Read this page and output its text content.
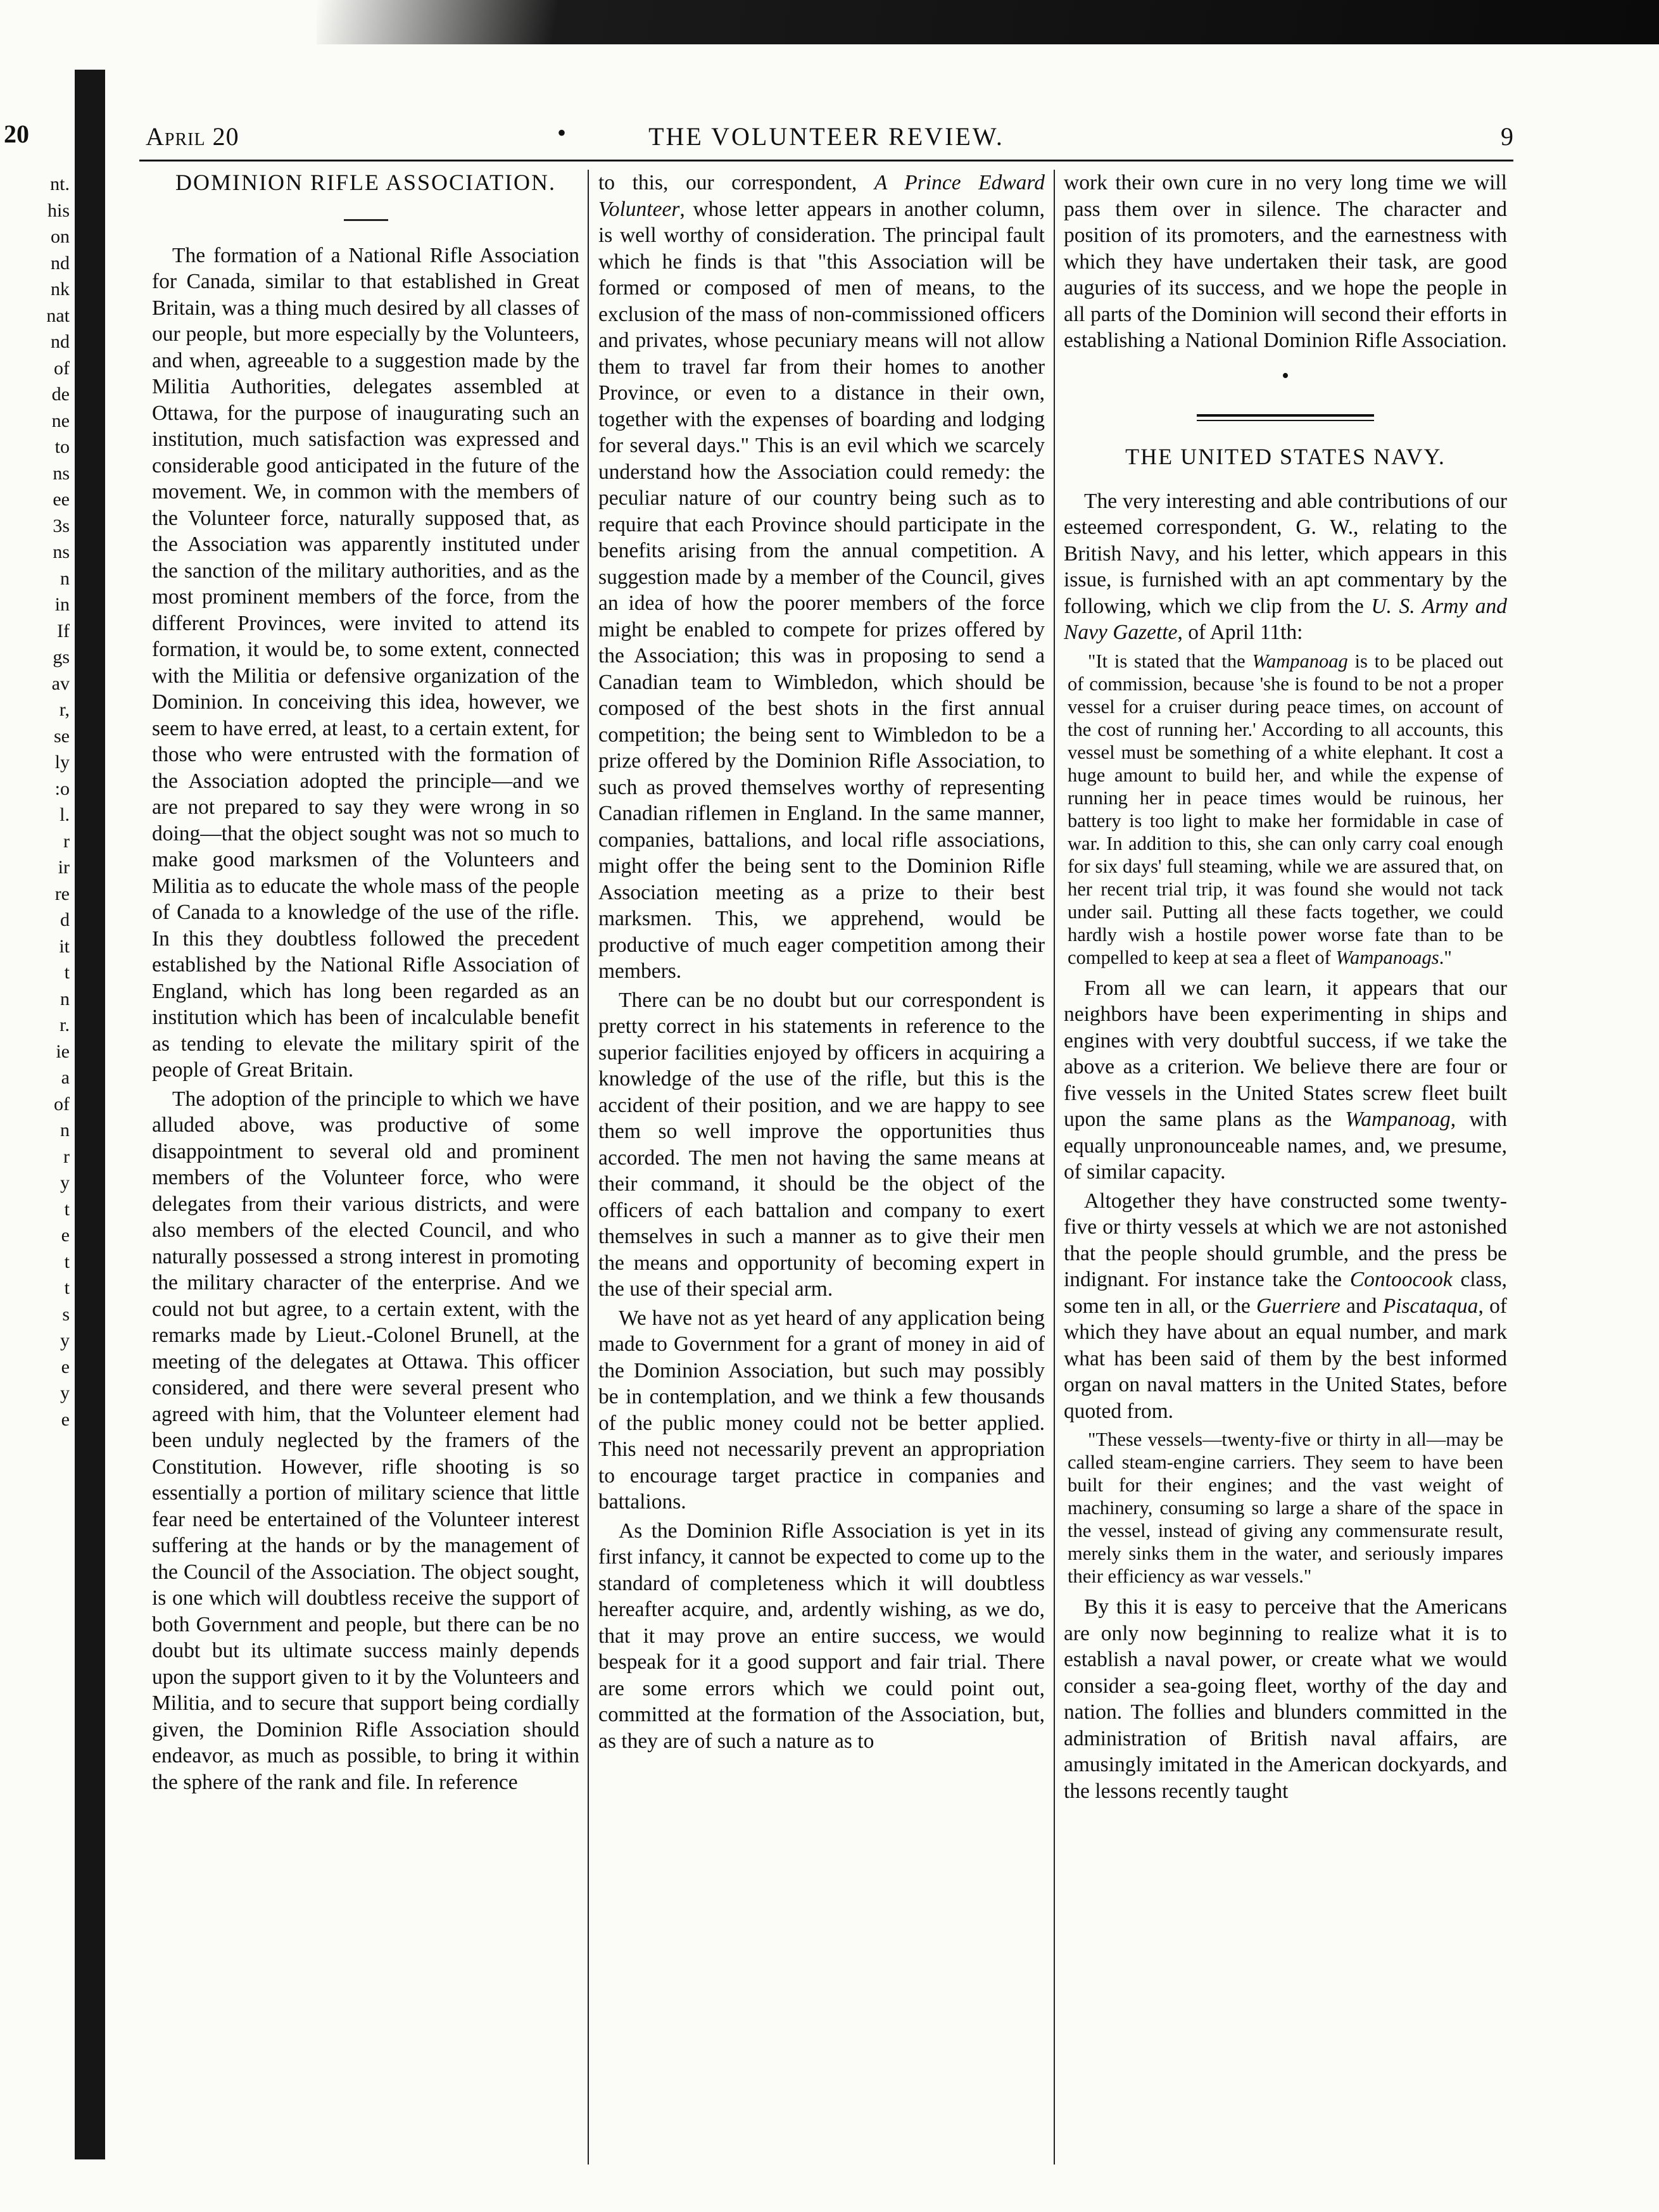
20
nt.
his
on
nd
nk
nat
nd
of
de
ne
to
ns
ee
3s
ns
n
in
If
gs
av
r,
se
ly
:o
l.
r
ir
re
d
it
t
n
r.
ie
a
of
n
r
y
t
e
t
t
s
y
e
y
e
April 20	•	THE VOLUNTEER REVIEW.	9

DOMINION RIFLE ASSOCIATION.

The formation of a National Rifle Association for Canada, similar to that established in Great Britain, was a thing much desired by all classes of our people, but more especially by the Volunteers, and when, agreeable to a suggestion made by the Militia Authorities, delegates assembled at Ottawa, for the purpose of inaugurating such an institution, much satisfaction was expressed and considerable good anticipated in the future of the movement. We, in common with the members of the Volunteer force, naturally supposed that, as the Association was apparently instituted under the sanction of the military authorities, and as the most prominent members of the force, from the different Provinces, were invited to attend its formation, it would be, to some extent, connected with the Militia or defensive organization of the Dominion. In conceiving this idea, however, we seem to have erred, at least, to a certain extent, for those who were entrusted with the formation of the Association adopted the principle—and we are not prepared to say they were wrong in so doing—that the object sought was not so much to make good marksmen of the Volunteers and Militia as to educate the whole mass of the people of Canada to a knowledge of the use of the rifle. In this they doubtless followed the precedent established by the National Rifle Association of England, which has long been regarded as an institution which has been of incalculable benefit as tending to elevate the military spirit of the people of Great Britain.

The adoption of the principle to which we have alluded above, was productive of some disappointment to several old and prominent members of the Volunteer force, who were delegates from their various districts, and were also members of the elected Council, and who naturally possessed a strong interest in promoting the military character of the enterprise. And we could not but agree, to a certain extent, with the remarks made by Lieut.-Colonel Brunell, at the meeting of the delegates at Ottawa. This officer considered, and there were several present who agreed with him, that the Volunteer element had been unduly neglected by the framers of the Constitution. However, rifle shooting is so essentially a portion of military science that little fear need be entertained of the Volunteer interest suffering at the hands or by the management of the Council of the Association. The object sought, is one which will doubtless receive the support of both Government and people, but there can be no doubt but its ultimate success mainly depends upon the support given to it by the Volunteers and Militia, and to secure that support being cordially given, the Dominion Rifle Association should endeavor, as much as possible, to bring it within the sphere of the rank and file. In reference

to this, our correspondent, A Prince Edward Volunteer, whose letter appears in another column, is well worthy of consideration. The principal fault which he finds is that "this Association will be formed or composed of men of means, to the exclusion of the mass of non-commissioned officers and privates, whose pecuniary means will not allow them to travel far from their homes to another Province, or even to a distance in their own, together with the expenses of boarding and lodging for several days." This is an evil which we scarcely understand how the Association could remedy: the peculiar nature of our country being such as to require that each Province should participate in the benefits arising from the annual competition. A suggestion made by a member of the Council, gives an idea of how the poorer members of the force might be enabled to compete for prizes offered by the Association; this was in proposing to send a Canadian team to Wimbledon, which should be composed of the best shots in the first annual competition; the being sent to Wimbledon to be a prize offered by the Dominion Rifle Association, to such as proved themselves worthy of representing Canadian riflemen in England. In the same manner, companies, battalions, and local rifle associations, might offer the being sent to the Dominion Rifle Association meeting as a prize to their best marksmen. This, we apprehend, would be productive of much eager competition among their members.

There can be no doubt but our correspondent is pretty correct in his statements in reference to the superior facilities enjoyed by officers in acquiring a knowledge of the use of the rifle, but this is the accident of their position, and we are happy to see them so well improve the opportunities thus accorded. The men not having the same means at their command, it should be the object of the officers of each battalion and company to exert themselves in such a manner as to give their men the means and opportunity of becoming expert in the use of their special arm.

We have not as yet heard of any application being made to Government for a grant of money in aid of the Dominion Association, but such may possibly be in contemplation, and we think a few thousands of the public money could not be better applied. This need not necessarily prevent an appropriation to encourage target practice in companies and battalions.

As the Dominion Rifle Association is yet in its first infancy, it cannot be expected to come up to the standard of completeness which it will doubtless hereafter acquire, and, ardently wishing, as we do, that it may prove an entire success, we would bespeak for it a good support and fair trial. There are some errors which we could point out, committed at the formation of the Association, but, as they are of such a nature as to

work their own cure in no very long time we will pass them over in silence. The character and position of its promoters, and the earnestness with which they have undertaken their task, are good auguries of its success, and we hope the people in all parts of the Dominion will second their efforts in establishing a National Dominion Rifle Association.

•

THE UNITED STATES NAVY.

The very interesting and able contributions of our esteemed correspondent, G. W., relating to the British Navy, and his letter, which appears in this issue, is furnished with an apt commentary by the following, which we clip from the U. S. Army and Navy Gazette, of April 11th:

"It is stated that the Wampanoag is to be placed out of commission, because 'she is found to be not a proper vessel for a cruiser during peace times, on account of the cost of running her.' According to all accounts, this vessel must be something of a white elephant. It cost a huge amount to build her, and while the expense of running her in peace times would be ruinous, her battery is too light to make her formidable in case of war. In addition to this, she can only carry coal enough for six days' full steaming, while we are assured that, on her recent trial trip, it was found she would not tack under sail. Putting all these facts together, we could hardly wish a hostile power worse fate than to be compelled to keep at sea a fleet of Wampanoags."

From all we can learn, it appears that our neighbors have been experimenting in ships and engines with very doubtful success, if we take the above as a criterion. We believe there are four or five vessels in the United States screw fleet built upon the same plans as the Wampanoag, with equally unpronounceable names, and, we presume, of similar capacity.

Altogether they have constructed some twenty-five or thirty vessels at which we are not astonished that the people should grumble, and the press be indignant. For instance take the Contoocook class, some ten in all, or the Guerriere and Piscataqua, of which they have about an equal number, and mark what has been said of them by the best informed organ on naval matters in the United States, before quoted from.

"These vessels—twenty-five or thirty in all—may be called steam-engine carriers. They seem to have been built for their engines; and the vast weight of machinery, consuming so large a share of the space in the vessel, instead of giving any commensurate result, merely sinks them in the water, and seriously impares their efficiency as war vessels."

By this it is easy to perceive that the Americans are only now beginning to realize what it is to establish a naval power, or create what we would consider a sea-going fleet, worthy of the day and nation. The follies and blunders committed in the administration of British naval affairs, are amusingly imitated in the American dockyards, and the lessons recently taught
